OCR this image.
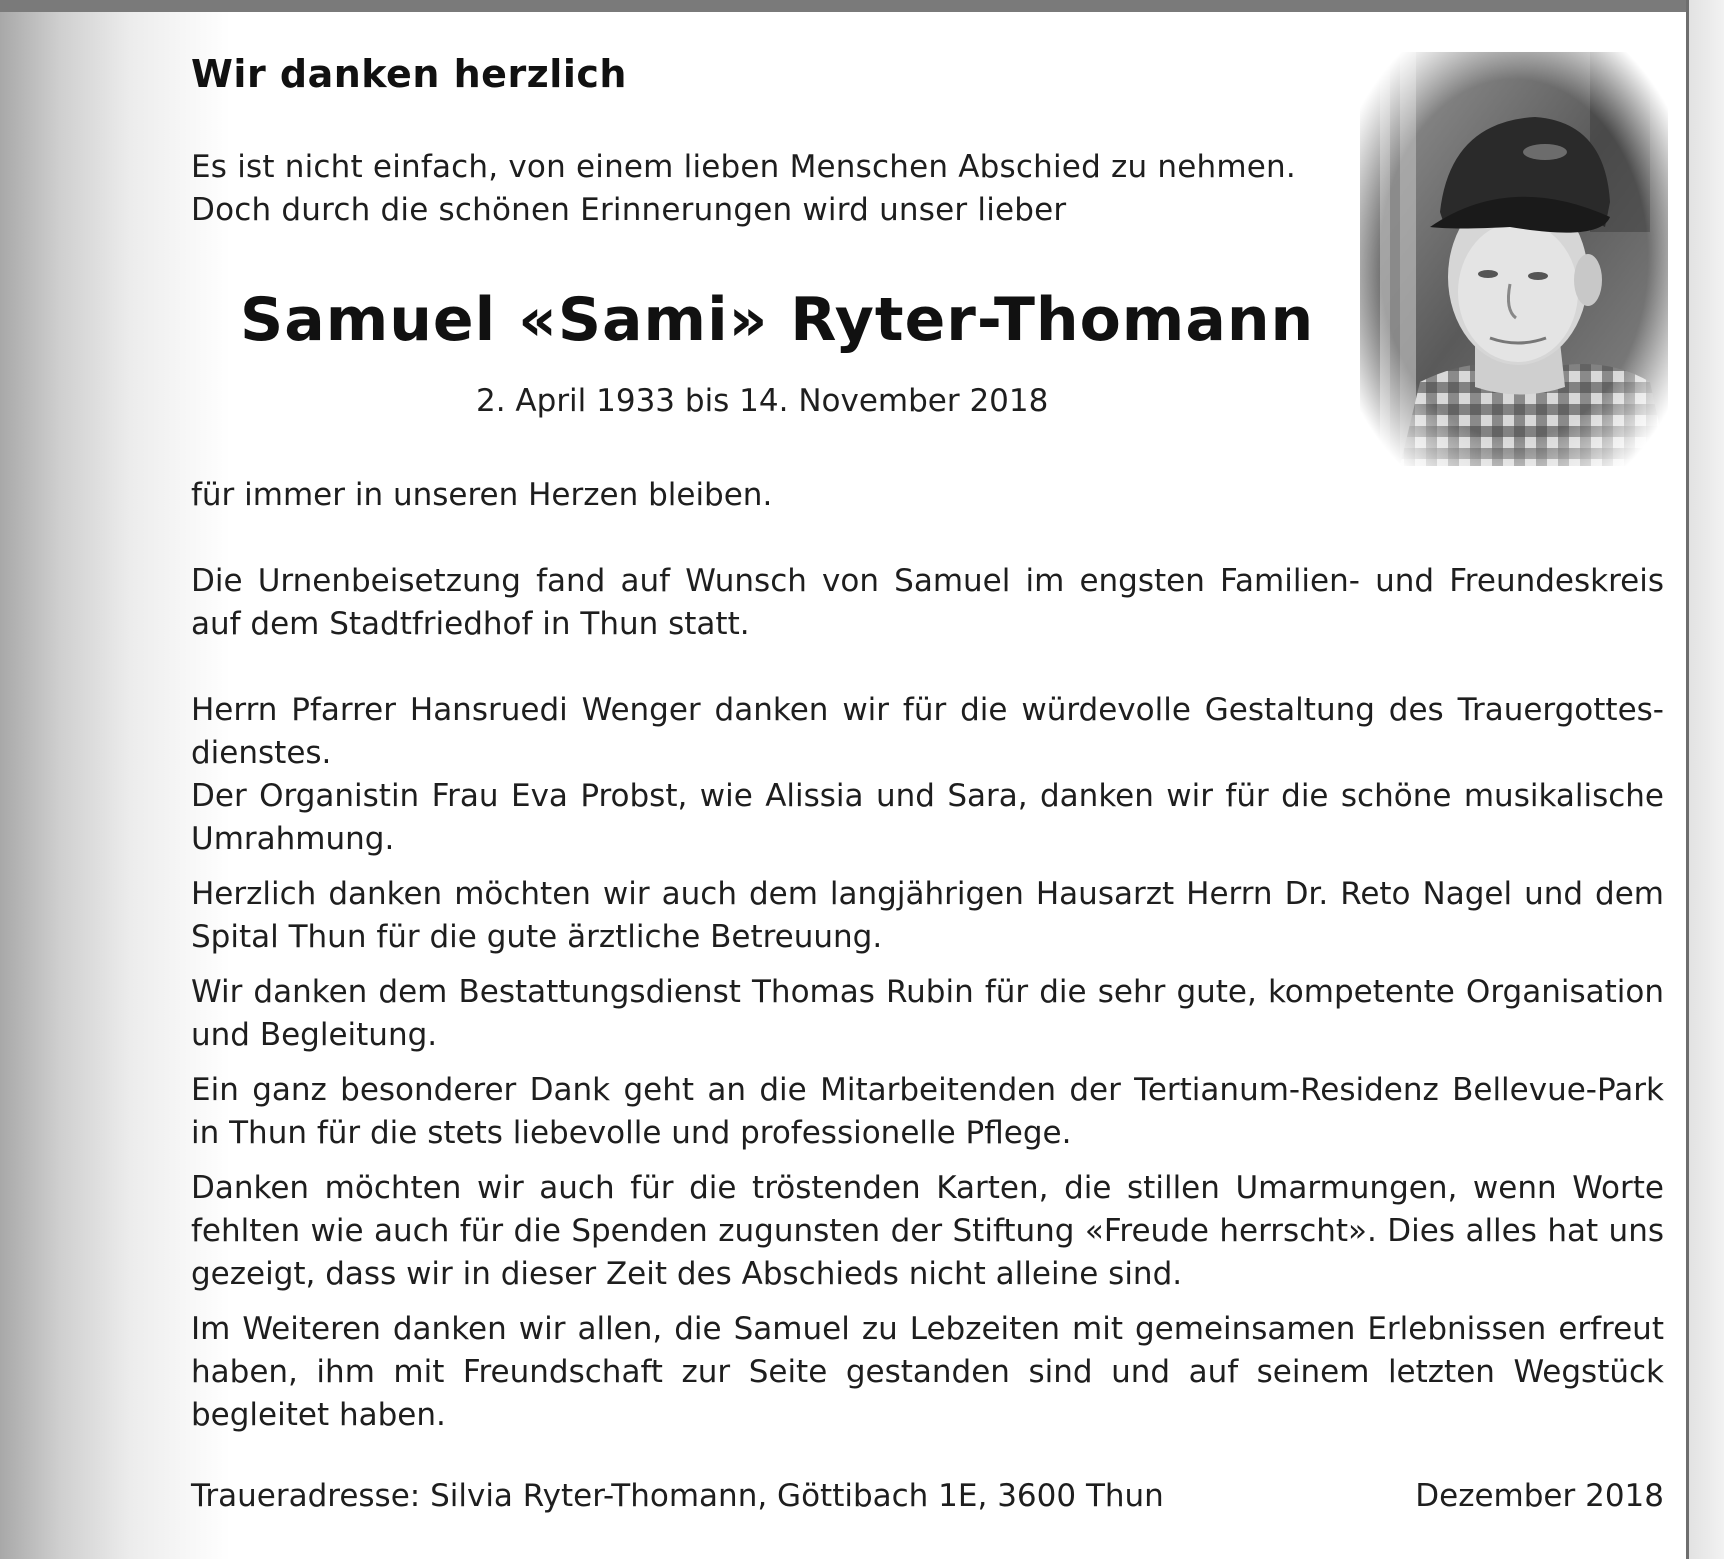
Wir danken herzlich
Es ist nicht einfach, von einem lieben Menschen Abschied zu nehmen.
Doch durch die schönen Erinnerungen wird unser lieber
Samuel «Sami» Ryter-Thomann
2. April 1933 bis 14. November 2018

für immer in unseren Herzen bleiben.

Die Urnenbeisetzung fand auf Wunsch von Samuel im engsten Familien- und Freundeskreis auf dem Stadtfriedhof in Thun statt.

Herrn Pfarrer Hansruedi Wenger danken wir für die würdevolle Gestaltung des Trauergottes-dienstes.

Der Organistin Frau Eva Probst, wie Alissia und Sara, danken wir für die schöne musikalische Umrahmung.

Herzlich danken möchten wir auch dem langjährigen Hausarzt Herrn Dr. Reto Nagel und dem Spital Thun für die gute ärztliche Betreuung.

Wir danken dem Bestattungsdienst Thomas Rubin für die sehr gute, kompetente Organisation und Begleitung.

Ein ganz besonderer Dank geht an die Mitarbeitenden der Tertianum-Residenz Bellevue-Park in Thun für die stets liebevolle und professionelle Pflege.

Danken möchten wir auch für die tröstenden Karten, die stillen Umarmungen, wenn Worte fehlten wie auch für die Spenden zugunsten der Stiftung «Freude herrscht». Dies alles hat uns gezeigt, dass wir in dieser Zeit des Abschieds nicht alleine sind.

Im Weiteren danken wir allen, die Samuel zu Lebzeiten mit gemeinsamen Erlebnissen erfreut haben, ihm mit Freundschaft zur Seite gestanden sind und auf seinem letzten Wegstück begleitet haben.

Traueradresse: Silvia Ryter-Thomann, Göttibach 1E, 3600 Thun	Dezember 2018
